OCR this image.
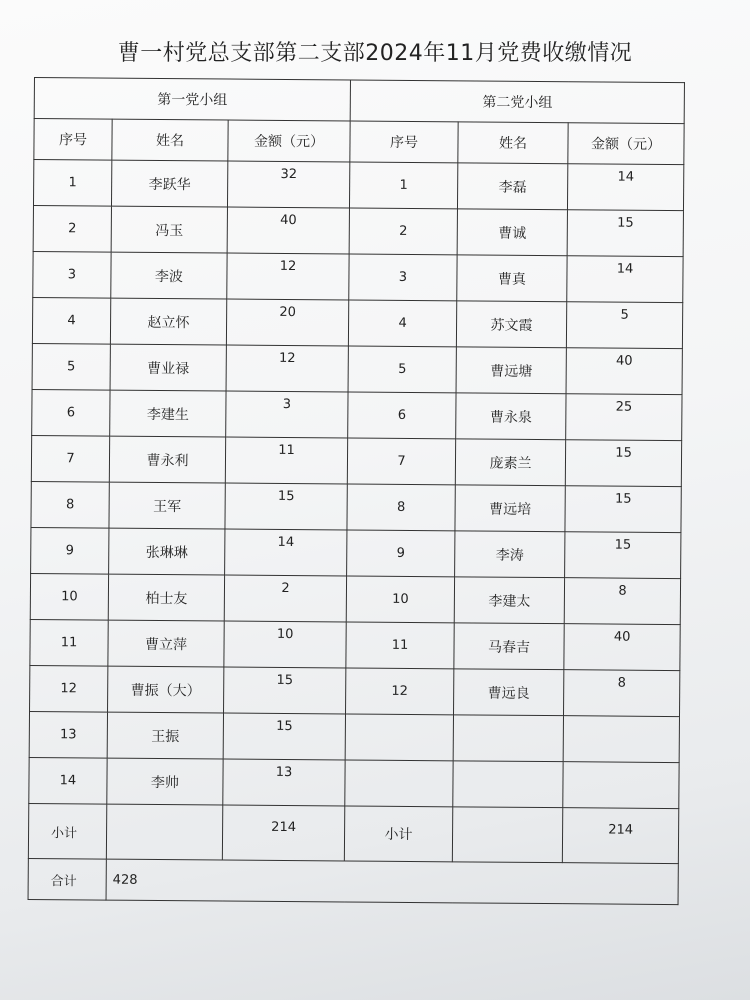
曹一村党总支部第二支部2024年11月党费收缴情况
第一党小组			第二党小组		
序号	姓名	金额（元）	序号	姓名	金额（元）
1	李跃华	32	1	李磊	14
2	冯玉	40	2	曹诚	15
3	李波	12	3	曹真	14
4	赵立怀	20	4	苏文霞	5
5	曹业禄	12	5	曹远塘	40
6	李建生	3	6	曹永泉	25
7	曹永利	11	7	庞素兰	15
8	王军	15	8	曹远培	15
9	张琳琳	14	9	李涛	15
10	柏士友	2	10	李建太	8
11	曹立萍	10	11	马春吉	40
12	曹振（大）	15	12	曹远良	8
13	王振	15			
14	李帅	13			
小计		214	小计		214
合计	428				
